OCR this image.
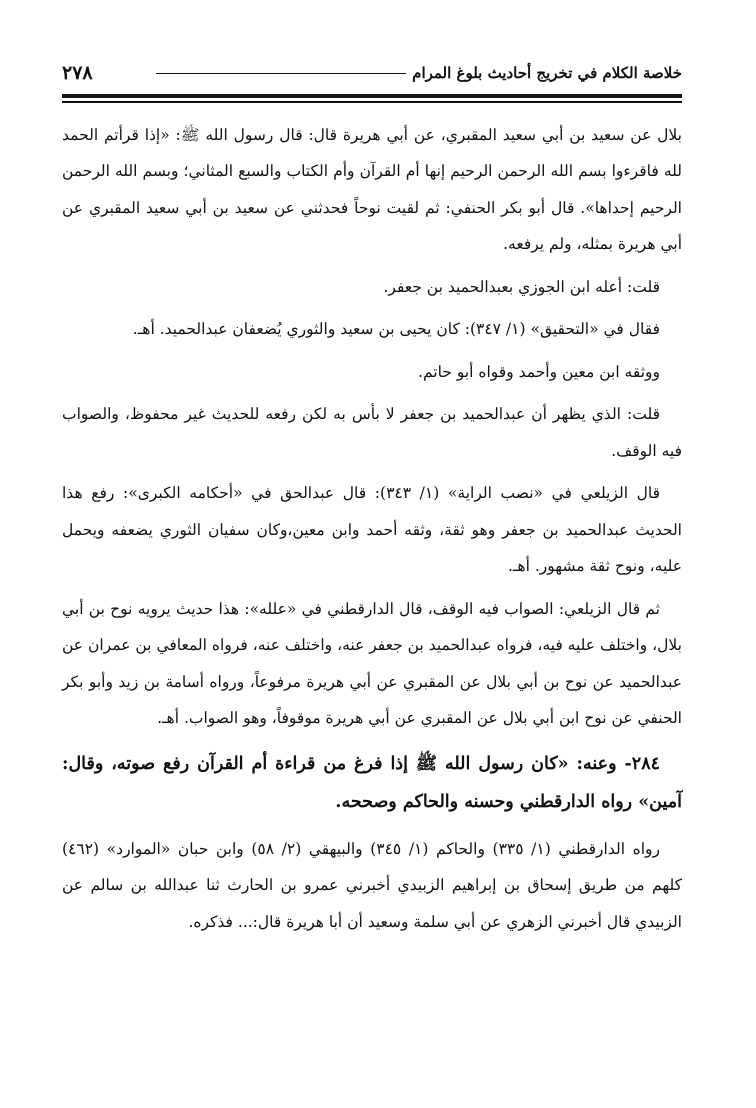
٢٧٨	خلاصة الكلام في تخريج أحاديث بلوغ المرام

بلال عن سعيد بن أبي سعيد المقبري، عن أبي هريرة قال: قال رسول الله ﷺ: «إذا قرأتم الحمد لله فاقرءوا بسم الله الرحمن الرحيم إنها أم القرآن وأم الكتاب والسبع المثاني؛ وبسم الله الرحمن الرحيم إحداها». قال أبو بكر الحنفي: ثم لقيت نوحاً فحدثني عن سعيد بن أبي سعيد المقبري عن أبي هريرة بمثله، ولم يرفعه.

قلت: أعله ابن الجوزي بعبدالحميد بن جعفر.

فقال في «التحقيق» (١/ ٣٤٧): كان يحيى بن سعيد والثوري يُضعفان عبدالحميد. أهـ.

ووثقه ابن معين وأحمد وقواه أبو حاتم.

قلت: الذي يظهر أن عبدالحميد بن جعفر لا بأس به لكن رفعه للحديث غير محفوظ، والصواب فيه الوقف.

قال الزيلعي في «نصب الراية» (١/ ٣٤٣): قال عبدالحق في «أحكامه الكبرى»: رفع هذا الحديث عبدالحميد بن جعفر وهو ثقة، وثقه أحمد وابن معين،وكان سفيان الثوري يضعفه ويحمل عليه، ونوح ثقة مشهور. أهـ.

ثم قال الزيلعي: الصواب فيه الوقف، قال الدارقطني في «علله»: هذا حديث يرويه نوح بن أبي بلال، واختلف عليه فيه، فرواه عبدالحميد بن جعفر عنه، واختلف عنه، فرواه المعافي بن عمران عن عبدالحميد عن نوح بن أبي بلال عن المقبري عن أبي هريرة مرفوعاً، ورواه أسامة بن زيد وأبو بكر الحنفي عن نوح ابن أبي بلال عن المقبري عن أبي هريرة موقوفاً، وهو الصواب. أهـ.

٢٨٤- وعنه: «كان رسول الله ﷺ إذا فرغ من قراءة أم القرآن رفع صوته، وقال: آمين» رواه الدارقطني وحسنه والحاكم وصححه.

رواه الدارقطني (١/ ٣٣٥) والحاكم (١/ ٣٤٥) والبيهقي (٢/ ٥٨) وابن حبان «الموارد» (٤٦٢) كلهم من طريق إسحاق بن إبراهيم الزبيدي أخبرني عمرو بن الحارث ثنا عبدالله بن سالم عن الزبيدي قال أخبرني الزهري عن أبي سلمة وسعيد أن أبا هريرة قال:... فذكره.
